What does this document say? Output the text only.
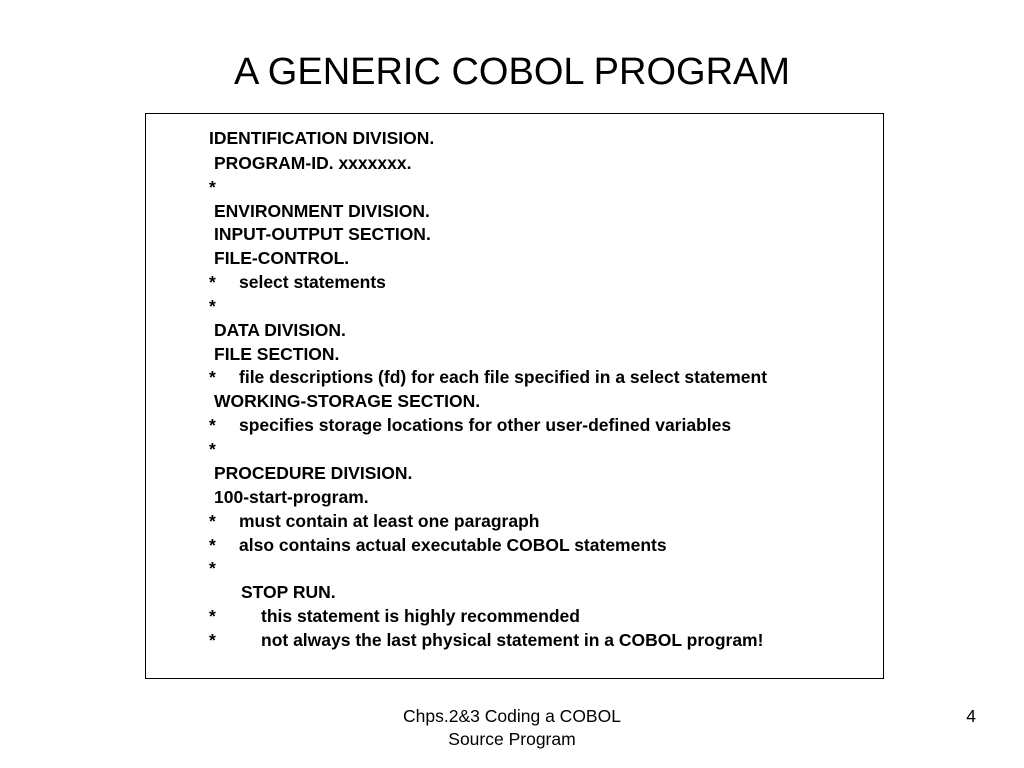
A GENERIC COBOL PROGRAM
IDENTIFICATION DIVISION.
PROGRAM-ID. xxxxxxx.
*
ENVIRONMENT DIVISION.
INPUT-OUTPUT SECTION.
FILE-CONTROL.
* select statements
*
DATA DIVISION.
FILE SECTION.
* file descriptions (fd) for each file specified in a select statement
WORKING-STORAGE SECTION.
* specifies storage locations for other user-defined variables
*
PROCEDURE DIVISION.
100-start-program.
* must contain at least one paragraph
* also contains actual executable COBOL statements
*
STOP RUN.
*	this statement is highly recommended
*	not always the last physical statement in a COBOL program!
Chps.2&3 Coding a COBOL
Source Program
4
